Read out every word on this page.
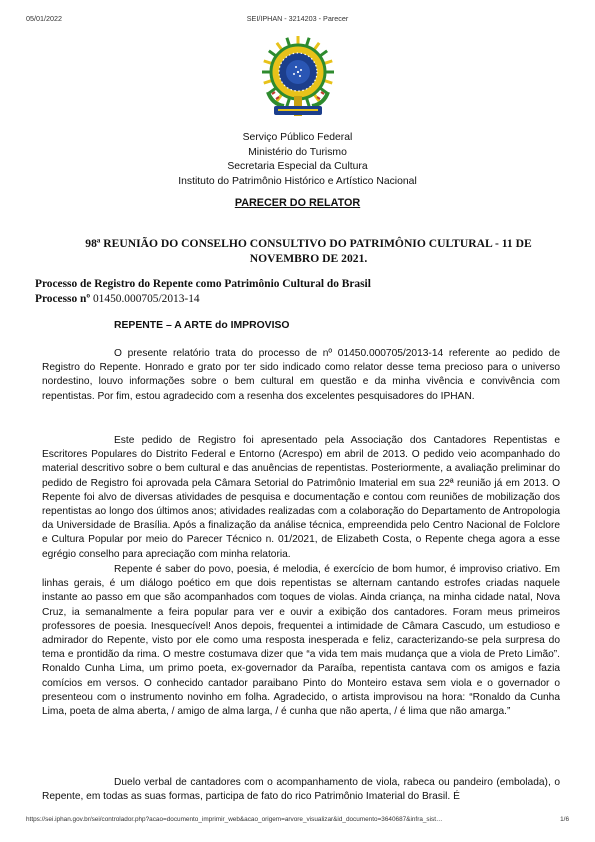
05/01/2022	SEI/IPHAN - 3214203 - Parecer
Serviço Público Federal
Ministério do Turismo
Secretaria Especial da Cultura
Instituto do Patrimônio Histórico e Artístico Nacional
PARECER DO RELATOR
98ª REUNIÃO DO CONSELHO CONSULTIVO DO PATRIMÔNIO CULTURAL - 11 DE NOVEMBRO DE 2021.
Processo de Registro do Repente como Patrimônio Cultural do Brasil
Processo nº 01450.000705/2013-14
REPENTE – A ARTE do IMPROVISO

O presente relatório trata do processo de nº 01450.000705/2013-14 referente ao pedido de Registro do Repente. Honrado e grato por ter sido indicado como relator desse tema precioso para o universo nordestino, louvo informações sobre o bem cultural em questão e da minha vivência e convivência com repentistas. Por fim, estou agradecido com a resenha dos excelentes pesquisadores do IPHAN.

Este pedido de Registro foi apresentado pela Associação dos Cantadores Repentistas e Escritores Populares do Distrito Federal e Entorno (Acrespo) em abril de 2013. O pedido veio acompanhado do material descritivo sobre o bem cultural e das anuências de repentistas. Posteriormente, a avaliação preliminar do pedido de Registro foi aprovada pela Câmara Setorial do Patrimônio Imaterial em sua 22ª reunião já em 2013. O Repente foi alvo de diversas atividades de pesquisa e documentação e contou com reuniões de mobilização dos repentistas ao longo dos últimos anos; atividades realizadas com a colaboração do Departamento de Antropologia da Universidade de Brasília. Após a finalização da análise técnica, empreendida pelo Centro Nacional de Folclore e Cultura Popular por meio do Parecer Técnico n. 01/2021, de Elizabeth Costa, o Repente chega agora a esse egrégio conselho para apreciação com minha relatoria.

Repente é saber do povo, poesia, é melodia, é exercício de bom humor, é improviso criativo. Em linhas gerais, é um diálogo poético em que dois repentistas se alternam cantando estrofes criadas naquele instante ao passo em que são acompanhados com toques de violas. Ainda criança, na minha cidade natal, Nova Cruz, ia semanalmente a feira popular para ver e ouvir a exibição dos cantadores. Foram meus primeiros professores de poesia. Inesquecível! Anos depois, frequentei a intimidade de Câmara Cascudo, um estudioso e admirador do Repente, visto por ele como uma resposta inesperada e feliz, caracterizando-se pela surpresa do tema e prontidão da rima. O mestre costumava dizer que “a vida tem mais mudança que a viola de Preto Limão”. Ronaldo Cunha Lima, um primo poeta, ex-governador da Paraíba, repentista cantava com os amigos e fazia comícios em versos. O conhecido cantador paraibano Pinto do Monteiro estava sem viola e o governador o presenteou com o instrumento novinho em folha. Agradecido, o artista improvisou na hora: “Ronaldo da Cunha Lima, poeta de alma aberta, / amigo de alma larga, / é cunha que não aperta, / é lima que não amarga.”

Duelo verbal de cantadores com o acompanhamento de viola, rabeca ou pandeiro (embolada), o Repente, em todas as suas formas, participa de fato do rico Patrimônio Imaterial do Brasil. É

https://sei.iphan.gov.br/sei/controlador.php?acao=documento_imprimir_web&acao_origem=arvore_visualizar&id_documento=3640687&infra_sist…	1/6
